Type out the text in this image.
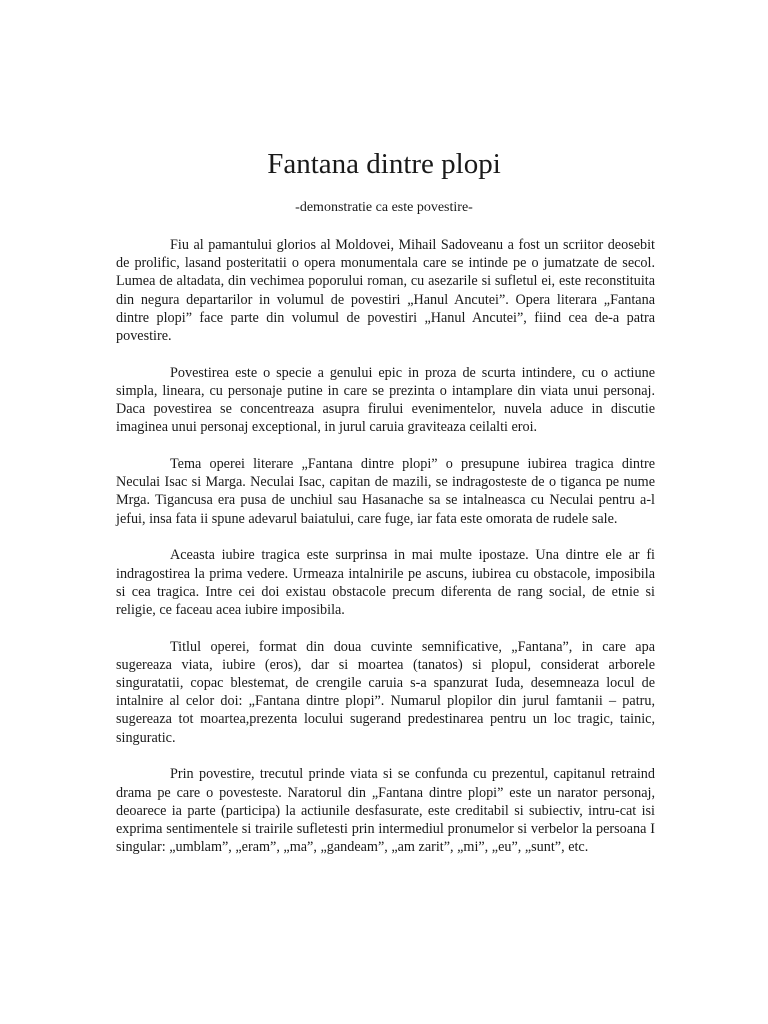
Fantana dintre plopi
-demonstratie ca este povestire-

Fiu al pamantului glorios al Moldovei, Mihail Sadoveanu a fost un scriitor deosebit de prolific, lasand posteritatii o opera monumentala care se intinde pe o jumatzate de secol. Lumea de altadata, din vechimea poporului roman, cu asezarile si sufletul ei, este reconstituita din negura departarilor in volumul de povestiri „Hanul Ancutei”. Opera literara „Fantana dintre plopi” face parte din volumul de povestiri „Hanul Ancutei”, fiind cea de-a patra povestire.

Povestirea este o specie a genului epic in proza de scurta intindere, cu o actiune simpla, lineara, cu personaje putine in care se prezinta o intamplare din viata unui personaj. Daca povestirea se concentreaza asupra firului evenimentelor, nuvela aduce in discutie imaginea unui personaj exceptional, in jurul caruia graviteaza ceilalti eroi.

Tema operei literare „Fantana dintre plopi” o presupune iubirea tragica dintre Neculai Isac si Marga. Neculai Isac, capitan de mazili, se indragosteste de o tiganca pe nume Mrga. Tigancusa era pusa de unchiul sau Hasanache sa se intalneasca cu Neculai pentru a-l jefui, insa fata ii spune adevarul baiatului, care fuge, iar fata este omorata de rudele sale.

Aceasta iubire tragica este surprinsa in mai multe ipostaze. Una dintre ele ar fi indragostirea la prima vedere. Urmeaza intalnirile pe ascuns, iubirea cu obstacole, imposibila si cea tragica. Intre cei doi existau obstacole precum diferenta de rang social, de etnie si religie, ce faceau acea iubire imposibila.

Titlul operei, format din doua cuvinte semnificative, „Fantana”, in care apa sugereaza viata, iubire (eros), dar si moartea (tanatos) si plopul, considerat arborele singuratatii, copac blestemat, de crengile caruia s-a spanzurat Iuda, desemneaza locul de intalnire al celor doi: „Fantana dintre plopi”. Numarul plopilor din jurul famtanii – patru, sugereaza tot moartea,prezenta locului sugerand predestinarea pentru un loc tragic, tainic, singuratic.

Prin povestire, trecutul prinde viata si se confunda cu prezentul, capitanul retraind drama pe care o povesteste. Naratorul din „Fantana dintre plopi” este un narator personaj, deoarece ia parte (participa) la actiunile desfasurate, este creditabil si subiectiv, intru-cat isi exprima sentimentele si trairile sufletesti prin intermediul pronumelor si verbelor la persoana I singular: „umblam”, „eram”, „ma”, „gandeam”, „am zarit”, „mi”, „eu”, „sunt”, etc.
